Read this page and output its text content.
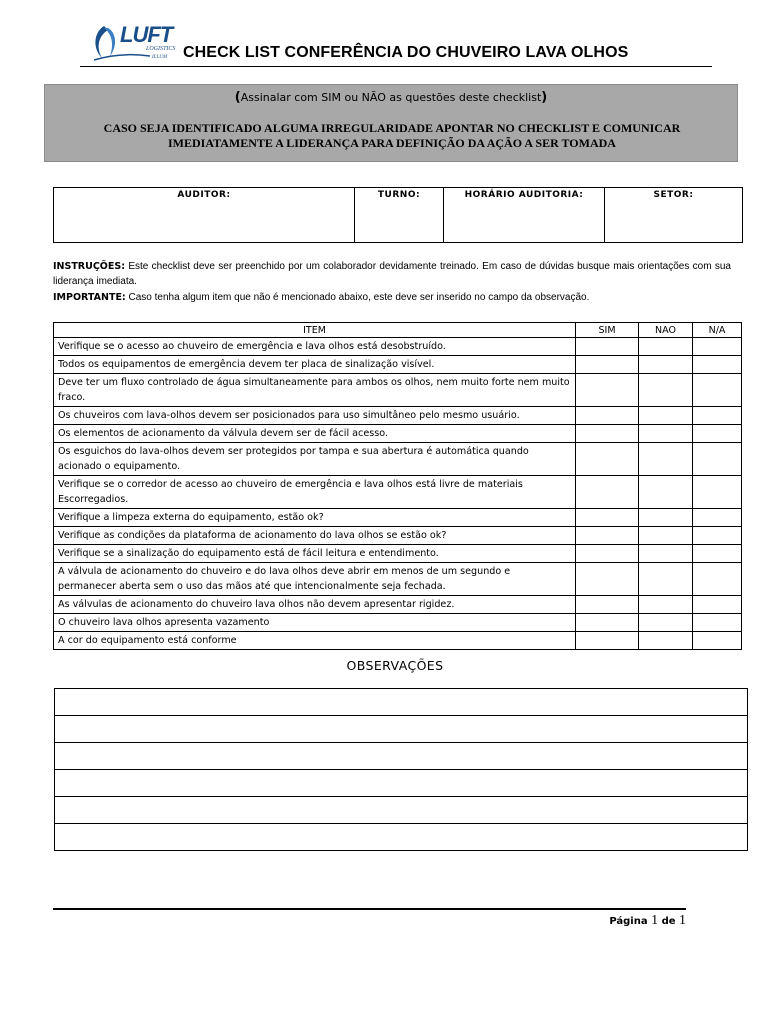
LUFT
LOGISTICS
ILLUM CHECK LIST CONFERÊNCIA DO CHUVEIRO LAVA OLHOS
(Assinalar com SIM ou NÃO as questões deste checklist)
CASO SEJA IDENTIFICADO ALGUMA IRREGULARIDADE APONTAR NO CHECKLIST E COMUNICAR IMEDIATAMENTE A LIDERANÇA PARA DEFINIÇÃO DA AÇÃO A SER TOMADA
AUDITOR:	TURNO:	HORÁRIO AUDITORIA:	SETOR:
INSTRUÇÕES: Este checklist deve ser preenchido por um colaborador devidamente treinado. Em caso de dúvidas busque mais orientações com sua liderança imediata.
IMPORTANTE: Caso tenha algum item que não é mencionado abaixo, este deve ser inserido no campo da observação.
ITEM	SIM	NAO	N/A
Verifique se o acesso ao chuveiro de emergência e lava olhos está desobstruído.			
Todos os equipamentos de emergência devem ter placa de sinalização visível.			
Deve ter um fluxo controlado de água simultaneamente para ambos os olhos, nem muito forte nem muito fraco.			
Os chuveiros com lava-olhos devem ser posicionados para uso simultâneo pelo mesmo usuário.			
Os elementos de acionamento da válvula devem ser de fácil acesso.			
Os esguichos do lava-olhos devem ser protegidos por tampa e sua abertura é automática quando acionado o equipamento.			
Verifique se o corredor de acesso ao chuveiro de emergência e lava olhos está livre de materiais Escorregadios.			
Verifique a limpeza externa do equipamento, estão ok?			
Verifique as condições da plataforma de acionamento do lava olhos se estão ok?			
Verifique se a sinalização do equipamento está de fácil leitura e entendimento.			
A válvula de acionamento do chuveiro e do lava olhos deve abrir em menos de um segundo e permanecer aberta sem o uso das mãos até que intencionalmente seja fechada.			
As válvulas de acionamento do chuveiro lava olhos não devem apresentar rigidez.			
O chuveiro lava olhos apresenta vazamento			
A cor do equipamento está conforme			
OBSERVAÇÕES

Página 1 de 1
